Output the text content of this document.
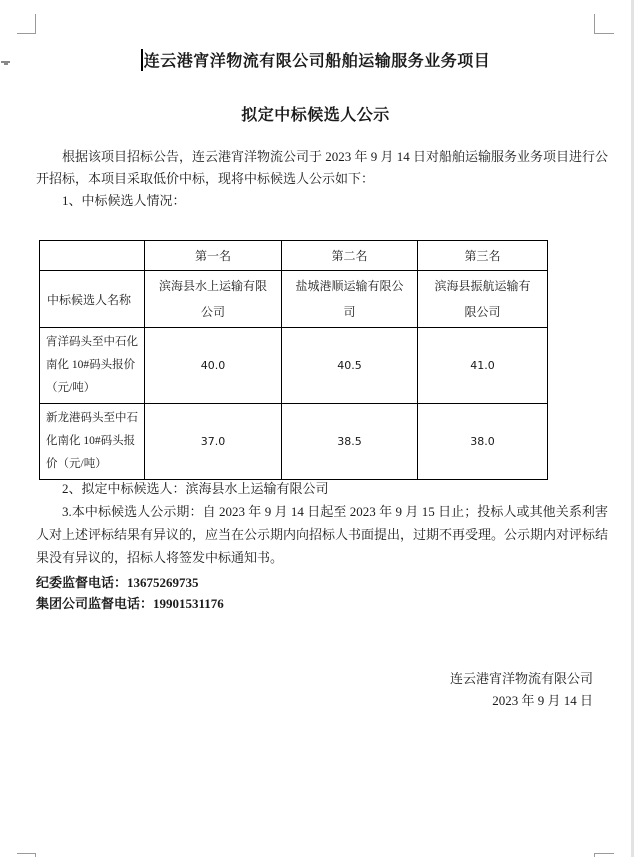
连云港宵洋物流有限公司船舶运输服务业务项目
拟定中标候选人公示

根据该项目招标公告，连云港宵洋物流公司于 2023 年 9 月 14 日对船舶运输服务业务项目进行公开招标，本项目采取低价中标，现将中标候选人公示如下：

1、中标候选人情况：

	第一名	第二名	第三名
中标候选人名称	滨海县水上运输有限公司	盐城港顺运输有限公司	滨海县振航运输有限公司
宵洋码头至中石化南化 10#码头报价（元/吨）	40.0	40.5	41.0
新龙港码头至中石化南化 10#码头报价（元/吨）	37.0	38.5	38.0

2、拟定中标候选人：滨海县水上运输有限公司

3.本中标候选人公示期：自 2023 年 9 月 14 日起至 2023 年 9 月 15 日止；投标人或其他关系利害人对上述评标结果有异议的，应当在公示期内向招标人书面提出，过期不再受理。公示期内对评标结果没有异议的，招标人将签发中标通知书。

纪委监督电话：13675269735

集团公司监督电话：19901531176

连云港宵洋物流有限公司

2023 年 9 月 14 日
